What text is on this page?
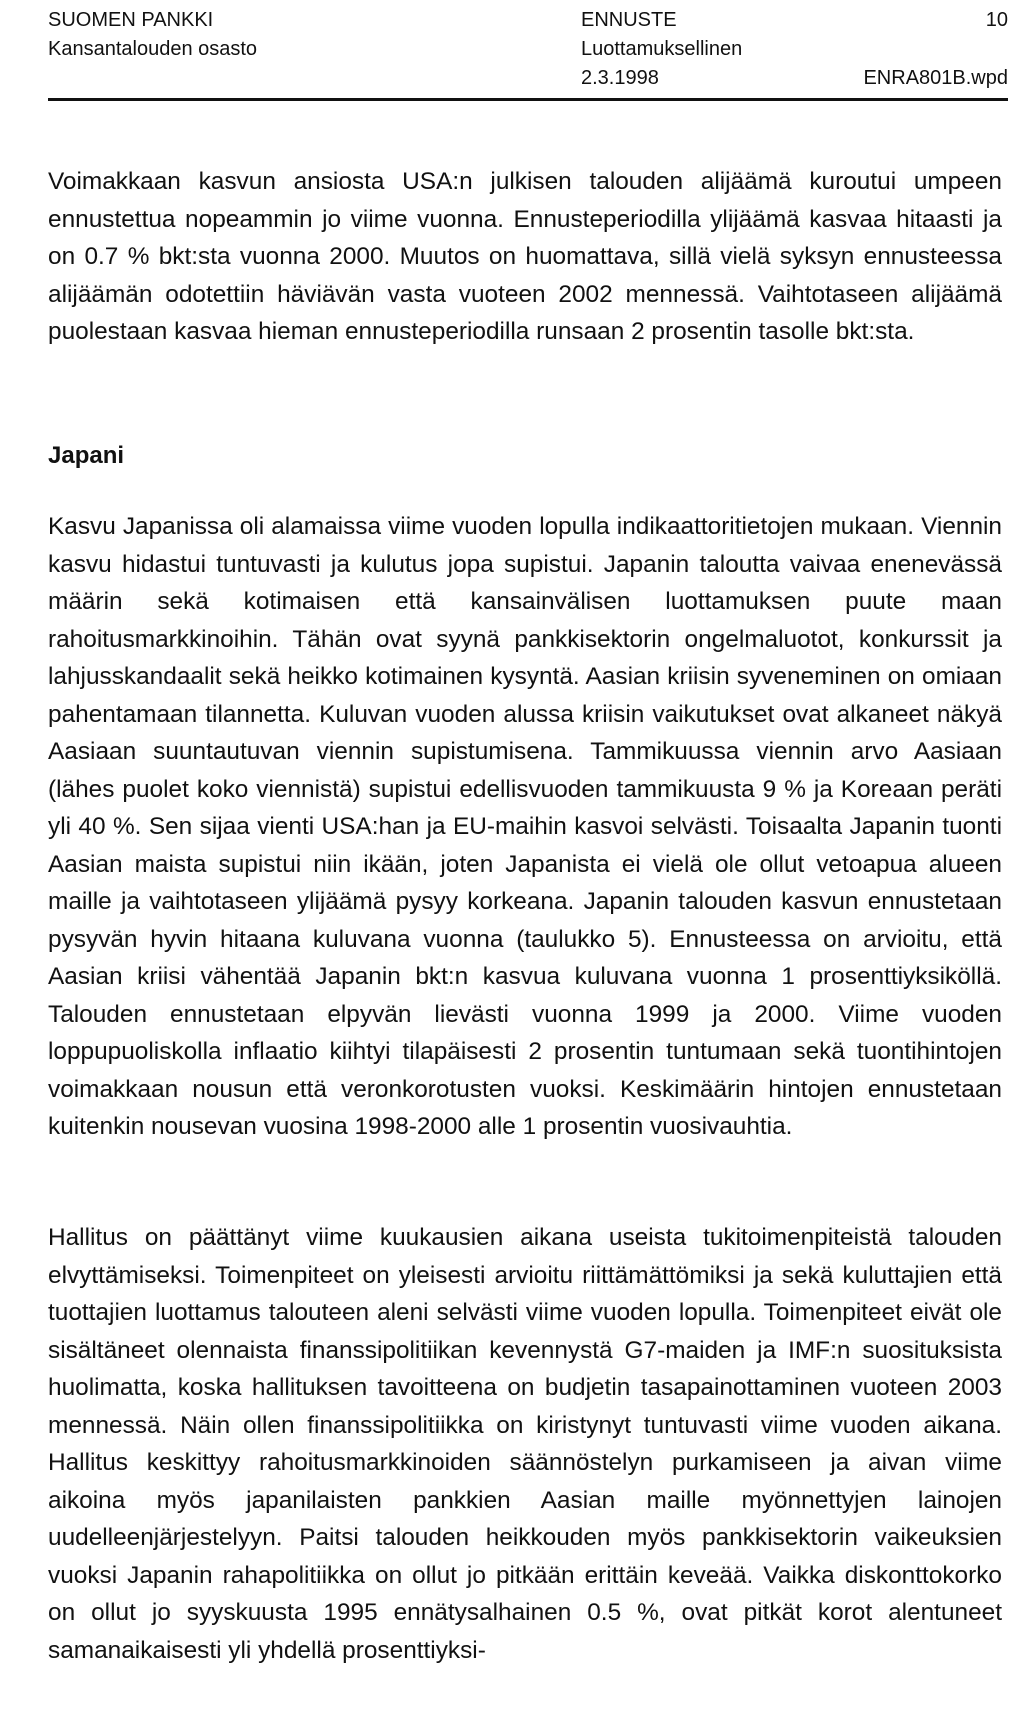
SUOMEN PANKKI
Kansantalouden osasto
ENNUSTE
Luottamuksellinen
2.3.1998
10
ENRA801B.wpd

Voimakkaan kasvun ansiosta USA:n julkisen talouden alijäämä kuroutui umpeen ennustettua nopeammin jo viime vuonna. Ennusteperiodilla ylijäämä kasvaa hitaasti ja on 0.7 % bkt:sta vuonna 2000. Muutos on huomattava, sillä vielä syksyn ennusteessa alijäämän odotettiin häviävän vasta vuoteen 2002 mennessä. Vaihtotaseen alijäämä puolestaan kasvaa hieman ennusteperiodilla runsaan 2 prosentin tasolle bkt:sta.

Japani

Kasvu Japanissa oli alamaissa viime vuoden lopulla indikaattoritietojen mukaan. Viennin kasvu hidastui tuntuvasti ja kulutus jopa supistui. Japanin taloutta vaivaa enenevässä määrin sekä kotimaisen että kansainvälisen luottamuksen puute maan rahoitusmarkkinoihin. Tähän ovat syynä pankkisektorin ongelmaluotot, konkurssit ja lahjusskandaalit sekä heikko kotimainen kysyntä. Aasian kriisin syveneminen on omiaan pahentamaan tilannetta. Kuluvan vuoden alussa kriisin vaikutukset ovat alkaneet näkyä Aasiaan suuntautuvan viennin supistumisena. Tammikuussa viennin arvo Aasiaan (lähes puolet koko viennistä) supistui edellisvuoden tammikuusta 9 % ja Koreaan peräti yli 40 %. Sen sijaa vienti USA:han ja EU-maihin kasvoi selvästi. Toisaalta Japanin tuonti Aasian maista supistui niin ikään, joten Japanista ei vielä ole ollut vetoapua alueen maille ja vaihtotaseen ylijäämä pysyy korkeana. Japanin talouden kasvun ennustetaan pysyvän hyvin hitaana kuluvana vuonna (taulukko 5). Ennusteessa on arvioitu, että Aasian kriisi vähentää Japanin bkt:n kasvua kuluvana vuonna 1 prosenttiyksiköllä. Talouden ennustetaan elpyvän lievästi vuonna 1999 ja 2000. Viime vuoden loppupuoliskolla inflaatio kiihtyi tilapäisesti 2 prosentin tuntumaan sekä tuontihintojen voimakkaan nousun että veronkorotusten vuoksi. Keskimäärin hintojen ennustetaan kuitenkin nousevan vuosina 1998-2000 alle 1 prosentin vuosivauhtia.

Hallitus on päättänyt viime kuukausien aikana useista tukitoimenpiteistä talouden elvyttämiseksi. Toimenpiteet on yleisesti arvioitu riittämättömiksi ja sekä kuluttajien että tuottajien luottamus talouteen aleni selvästi viime vuoden lopulla. Toimenpiteet eivät ole sisältäneet olennaista finanssipolitiikan kevennystä G7-maiden ja IMF:n suosituksista huolimatta, koska hallituksen tavoitteena on budjetin tasapainottaminen vuoteen 2003 mennessä. Näin ollen finanssipolitiikka on kiristynyt tuntuvasti viime vuoden aikana. Hallitus keskittyy rahoitusmarkkinoiden säännöstelyn purkamiseen ja aivan viime aikoina myös japanilaisten pankkien Aasian maille myönnettyjen lainojen uudelleenjärjestelyyn. Paitsi talouden heikkouden myös pankkisektorin vaikeuksien vuoksi Japanin rahapolitiikka on ollut jo pitkään erittäin keveää. Vaikka diskonttokorko on ollut jo syyskuusta 1995 ennätysalhainen 0.5 %, ovat pitkät korot alentuneet samanaikaisesti yli yhdellä prosenttiyksi-
